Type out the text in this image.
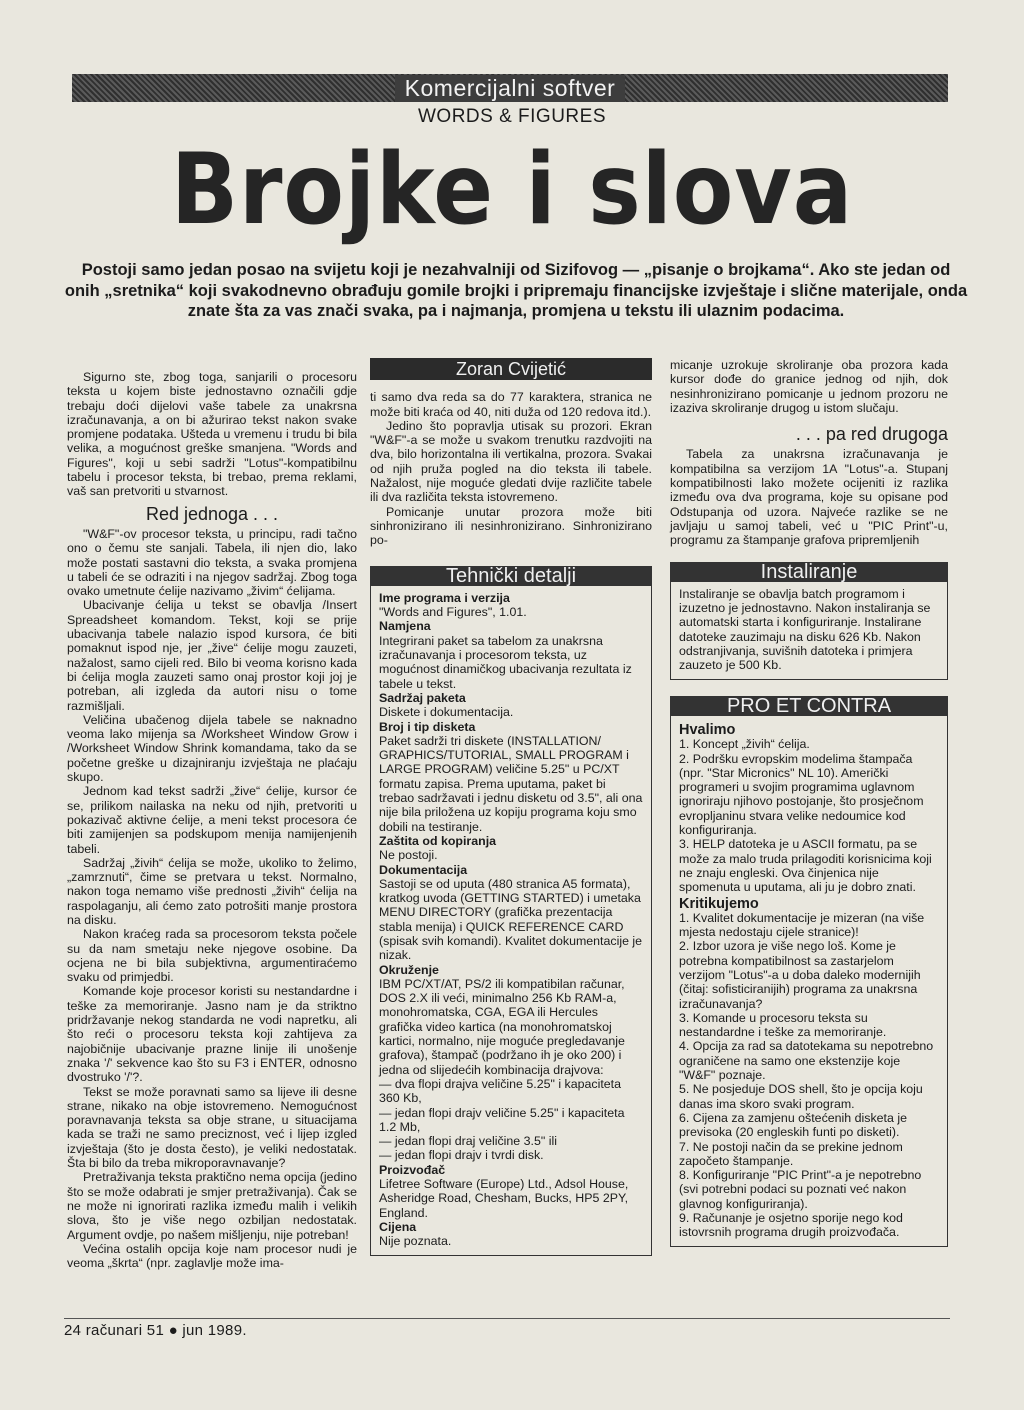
Komercijalni softver
WORDS & FIGURES
Brojke i slova
Postoji samo jedan posao na svijetu koji je nezahvalniji od Sizifovog — „pisanje o brojkama“. Ako ste jedan od onih „sretnika“ koji svakodnevno obrađuju gomile brojki i pripremaju financijske izvještaje i slične materijale, onda znate šta za vas znači svaka, pa i najmanja, promjena u tekstu ili ulaznim podacima.

Sigurno ste, zbog toga, sanjarili o procesoru teksta u kojem biste jednostavno označili gdje trebaju doći dijelovi vaše tabele za unakrsna izračunavanja, a on bi ažurirao tekst nakon svake promjene podataka. Ušteda u vremenu i trudu bi bila velika, a mogućnost greške smanjena. "Words and Figures", koji u sebi sadrži "Lotus"-kompatibilnu tabelu i procesor teksta, bi trebao, prema reklami, vaš san pretvoriti u stvarnost.

Red jednoga . . .

"W&F"-ov procesor teksta, u principu, radi tačno ono o čemu ste sanjali. Tabela, ili njen dio, lako može postati sastavni dio teksta, a svaka promjena u tabeli će se odraziti i na njegov sadržaj. Zbog toga ovako umetnute ćelije nazivamo „živim“ ćelijama.

Ubacivanje ćelija u tekst se obavlja /Insert Spreadsheet komandom. Tekst, koji se prije ubacivanja tabele nalazio ispod kursora, će biti pomaknut ispod nje, jer „žive“ ćelije mogu zauzeti, nažalost, samo cijeli red. Bilo bi veoma korisno kada bi ćelija mogla zauzeti samo onaj prostor koji joj je potreban, ali izgleda da autori nisu o tome razmišljali.

Veličina ubačenog dijela tabele se naknadno veoma lako mijenja sa /Worksheet Window Grow i /Worksheet Window Shrink komandama, tako da se početne greške u dizajniranju izvještaja ne plaćaju skupo.

Jednom kad tekst sadrži „žive“ ćelije, kursor će se, prilikom nailaska na neku od njih, pretvoriti u pokazivač aktivne ćelije, a meni tekst procesora će biti zamijenjen sa podskupom menija namijenjenih tabeli.

Sadržaj „živih“ ćelija se može, ukoliko to želimo, „zamrznuti“, čime se pretvara u tekst. Normalno, nakon toga nemamo više prednosti „živih“ ćelija na raspolaganju, ali ćemo zato potrošiti manje prostora na disku.

Nakon kraćeg rada sa procesorom teksta počele su da nam smetaju neke njegove osobine. Da ocjena ne bi bila subjektivna, argumentiraćemo svaku od primjedbi.

Komande koje procesor koristi su nestandardne i teške za memoriranje. Jasno nam je da striktno pridržavanje nekog standarda ne vodi napretku, ali što reći o procesoru teksta koji zahtijeva za najobičnije ubacivanje prazne linije ili unošenje znaka '/' sekvence kao što su F3 i ENTER, odnosno dvostruko '/'?.

Tekst se može poravnati samo sa lijeve ili desne strane, nikako na obje istovremeno. Nemogućnost poravnavanja teksta sa obje strane, u situacijama kada se traži ne samo preciznost, već i lijep izgled izvještaja (što je dosta često), je veliki nedostatak. Šta bi bilo da treba mikroporavnavanje?

Pretraživanja teksta praktično nema opcija (jedino što se može odabrati je smjer pretraživanja). Čak se ne može ni ignorirati razlika između malih i velikih slova, što je više nego ozbiljan nedostatak. Argument ovdje, po našem mišljenju, nije potreban!

Većina ostalih opcija koje nam procesor nudi je veoma „škrta“ (npr. zaglavlje može ima-

Zoran Cvijetić

ti samo dva reda sa do 77 karaktera, stranica ne može biti kraća od 40, niti duža od 120 redova itd.).

Jedino što popravlja utisak su prozori. Ekran "W&F"-a se može u svakom trenutku razdvojiti na dva, bilo horizontalna ili vertikalna, prozora. Svakai od njih pruža pogled na dio teksta ili tabele. Nažalost, nije moguće gledati dvije različite tabele ili dva različita teksta istovremeno.

Pomicanje unutar prozora može biti sinhronizirano ili nesinhronizirano. Sinhronizirano po-

Tehnički detalji
Ime programa i verzija

"Words and Figures", 1.01.

Namjena

Integrirani paket sa tabelom za unakrsna izračunavanja i procesorom teksta, uz mogućnost dinamičkog ubacivanja rezultata iz tabele u tekst.

Sadržaj paketa

Diskete i dokumentacija.

Broj i tip disketa

Paket sadrži tri diskete (INSTALLATION/ GRAPHICS/TUTORIAL, SMALL PROGRAM i LARGE PROGRAM) veličine 5.25" u PC/XT formatu zapisa. Prema uputama, paket bi trebao sadržavati i jednu disketu od 3.5", ali ona nije bila priložena uz kopiju programa koju smo dobili na testiranje.

Zaštita od kopiranja

Ne postoji.

Dokumentacija

Sastoji se od uputa (480 stranica A5 formata), kratkog uvoda (GETTING STARTED) i umetaka MENU DIRECTORY (grafička prezentacija stabla menija) i QUICK REFERENCE CARD (spisak svih komandi). Kvalitet dokumentacije je nizak.

Okruženje

IBM PC/XT/AT, PS/2 ili kompatibilan računar, DOS 2.X ili veći, minimalno 256 Kb RAM-a, monohromatska, CGA, EGA ili Hercules grafička video kartica (na monohromatskoj kartici, normalno, nije moguće pregledavanje grafova), štampač (podržano ih je oko 200) i jedna od slijedećih kombinacija drajvova:

— dva flopi drajva veličine 5.25" i kapaciteta 360 Kb,

— jedan flopi drajv veličine 5.25" i kapaciteta 1.2 Mb,

— jedan flopi draj veličine 3.5" ili

— jedan flopi drajv i tvrdi disk.

Proizvođač

Lifetree Software (Europe) Ltd., Adsol House, Asheridge Road, Chesham, Bucks, HP5 2PY, England.

Cijena

Nije poznata.

micanje uzrokuje skroliranje oba prozora kada kursor dođe do granice jednog od njih, dok nesinhronizirano pomicanje u jednom prozoru ne izaziva skroliranje drugog u istom slučaju.

. . . pa red drugoga

Tabela za unakrsna izračunavanja je kompatibilna sa verzijom 1A "Lotus"-a. Stupanj kompatibilnosti lako možete ocijeniti iz razlika između ova dva programa, koje su opisane pod Odstupanja od uzora. Najveće razlike se ne javljaju u samoj tabeli, već u "PIC Print"-u, programu za štampanje grafova pripremljenih

Instaliranje

Instaliranje se obavlja batch programom i izuzetno je jednostavno. Nakon instaliranja se automatski starta i konfiguriranje. Instalirane datoteke zauzimaju na disku 626 Kb. Nakon odstranjivanja, suvišnih datoteka i primjera zauzeto je 500 Kb.

PRO ET CONTRA
Hvalimo

1. Koncept „živih“ ćelija.

2. Podršku evropskim modelima štampača (npr. "Star Micronics" NL 10). Američki programeri u svojim programima uglavnom ignoriraju njihovo postojanje, što prosječnom evropljaninu stvara velike nedoumice kod konfiguriranja.

3. HELP datoteka je u ASCII formatu, pa se može za malo truda prilagoditi korisnicima koji ne znaju engleski. Ova činjenica nije spomenuta u uputama, ali ju je dobro znati.

Kritikujemo

1. Kvalitet dokumentacije je mizeran (na više mjesta nedostaju cijele stranice)!

2. Izbor uzora je više nego loš. Kome je potrebna kompatibilnost sa zastarjelom verzijom "Lotus"-a u doba daleko modernijih (čitaj: sofisticiranijih) programa za unakrsna izračunavanja?

3. Komande u procesoru teksta su nestandardne i teške za memoriranje.

4. Opcija za rad sa datotekama su nepotrebno ograničene na samo one ekstenzije koje "W&F" poznaje.

5. Ne posjeduje DOS shell, što je opcija koju danas ima skoro svaki program.

6. Cijena za zamjenu oštećenih disketa je previsoka (20 engleskih funti po disketi).

7. Ne postoji način da se prekine jednom započeto štampanje.

8. Konfiguriranje "PIC Print"-a je nepotrebno (svi potrebni podaci su poznati već nakon glavnog konfiguriranja).

9. Računanje je osjetno sporije nego kod istovrsnih programa drugih proizvođača.

24 računari 51 ● jun 1989.
